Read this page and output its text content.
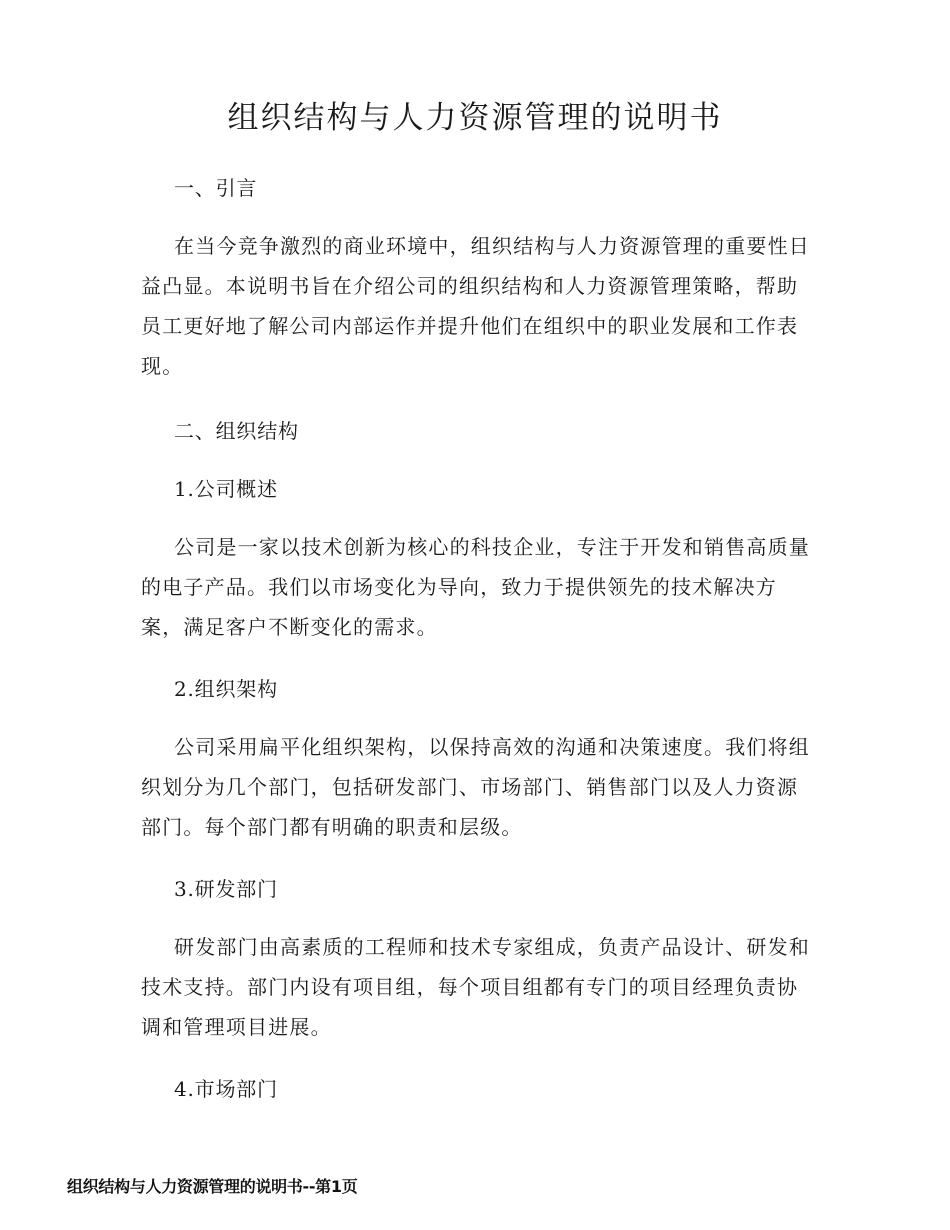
组织结构与人力资源管理的说明书

一、引言

在当今竞争激烈的商业环境中，组织结构与人力资源管理的重要性日益凸显。本说明书旨在介绍公司的组织结构和人力资源管理策略，帮助员工更好地了解公司内部运作并提升他们在组织中的职业发展和工作表现。

二、组织结构

1.公司概述

公司是一家以技术创新为核心的科技企业，专注于开发和销售高质量的电子产品。我们以市场变化为导向，致力于提供领先的技术解决方案，满足客户不断变化的需求。

2.组织架构

公司采用扁平化组织架构，以保持高效的沟通和决策速度。我们将组织划分为几个部门，包括研发部门、市场部门、销售部门以及人力资源部门。每个部门都有明确的职责和层级。

3.研发部门

研发部门由高素质的工程师和技术专家组成，负责产品设计、研发和技术支持。部门内设有项目组，每个项目组都有专门的项目经理负责协调和管理项目进展。

4.市场部门

组织结构与人力资源管理的说明书--第1页
